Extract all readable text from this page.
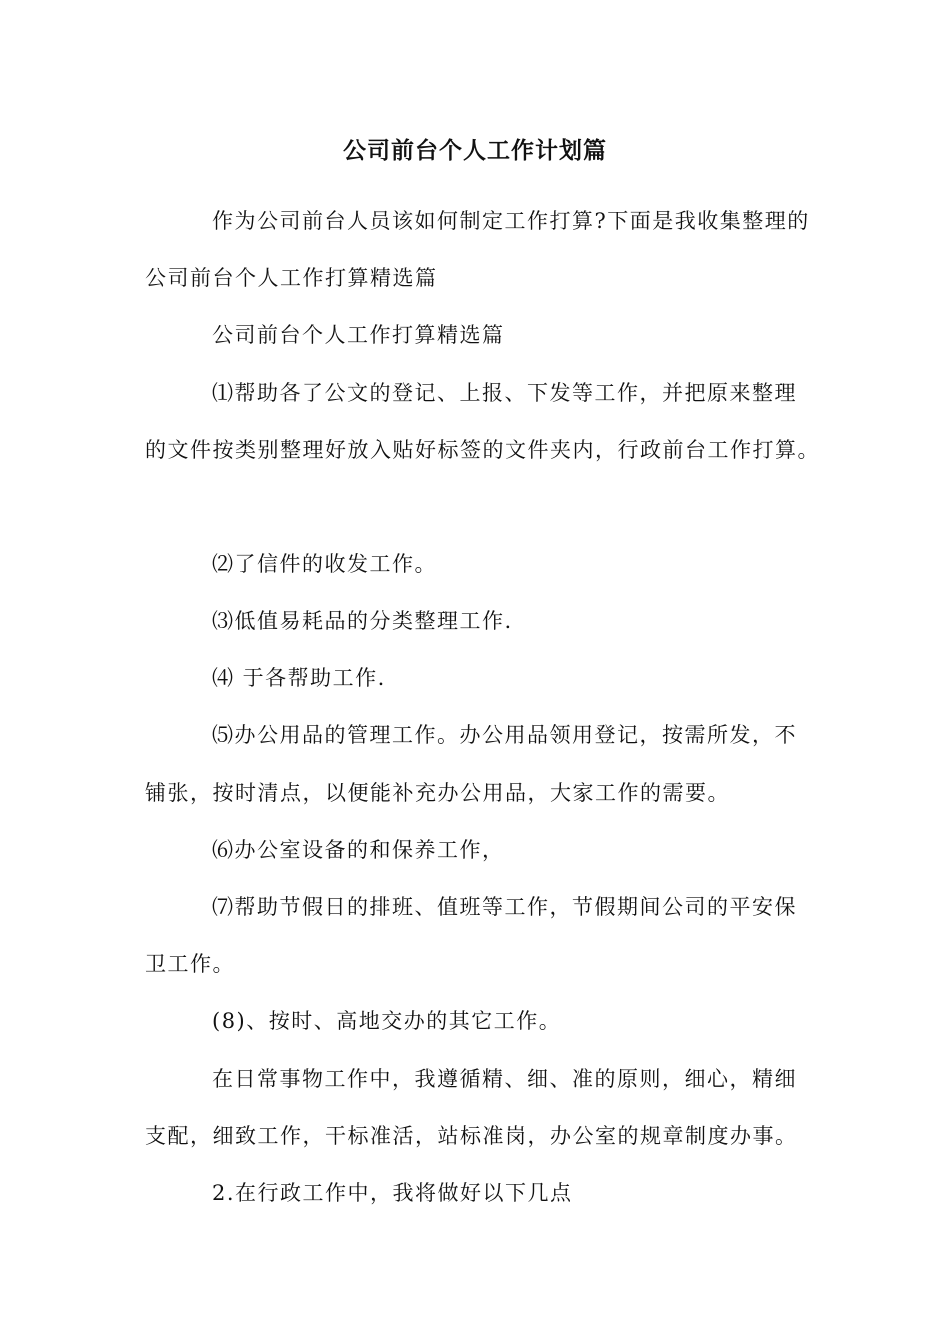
公司前台个人工作计划篇

作为公司前台人员该如何制定工作打算?下面是我收集整理的

公司前台个人工作打算精选篇

公司前台个人工作打算精选篇

⑴帮助各了公文的登记、上报、下发等工作，并把原来整理

的文件按类别整理好放入贴好标签的文件夹内，行政前台工作打算。

⑵了信件的收发工作。

⑶低值易耗品的分类整理工作.

⑷ 于各帮助工作.

⑸办公用品的管理工作。办公用品领用登记，按需所发，不

铺张，按时清点，以便能补充办公用品，大家工作的需要。

⑹办公室设备的和保养工作，

⑺帮助节假日的排班、值班等工作，节假期间公司的平安保

卫工作。

(8)、按时、高地交办的其它工作。

在日常事物工作中，我遵循精、细、准的原则，细心，精细

支配，细致工作，干标准活，站标准岗，办公室的规章制度办事。

2.在行政工作中，我将做好以下几点
